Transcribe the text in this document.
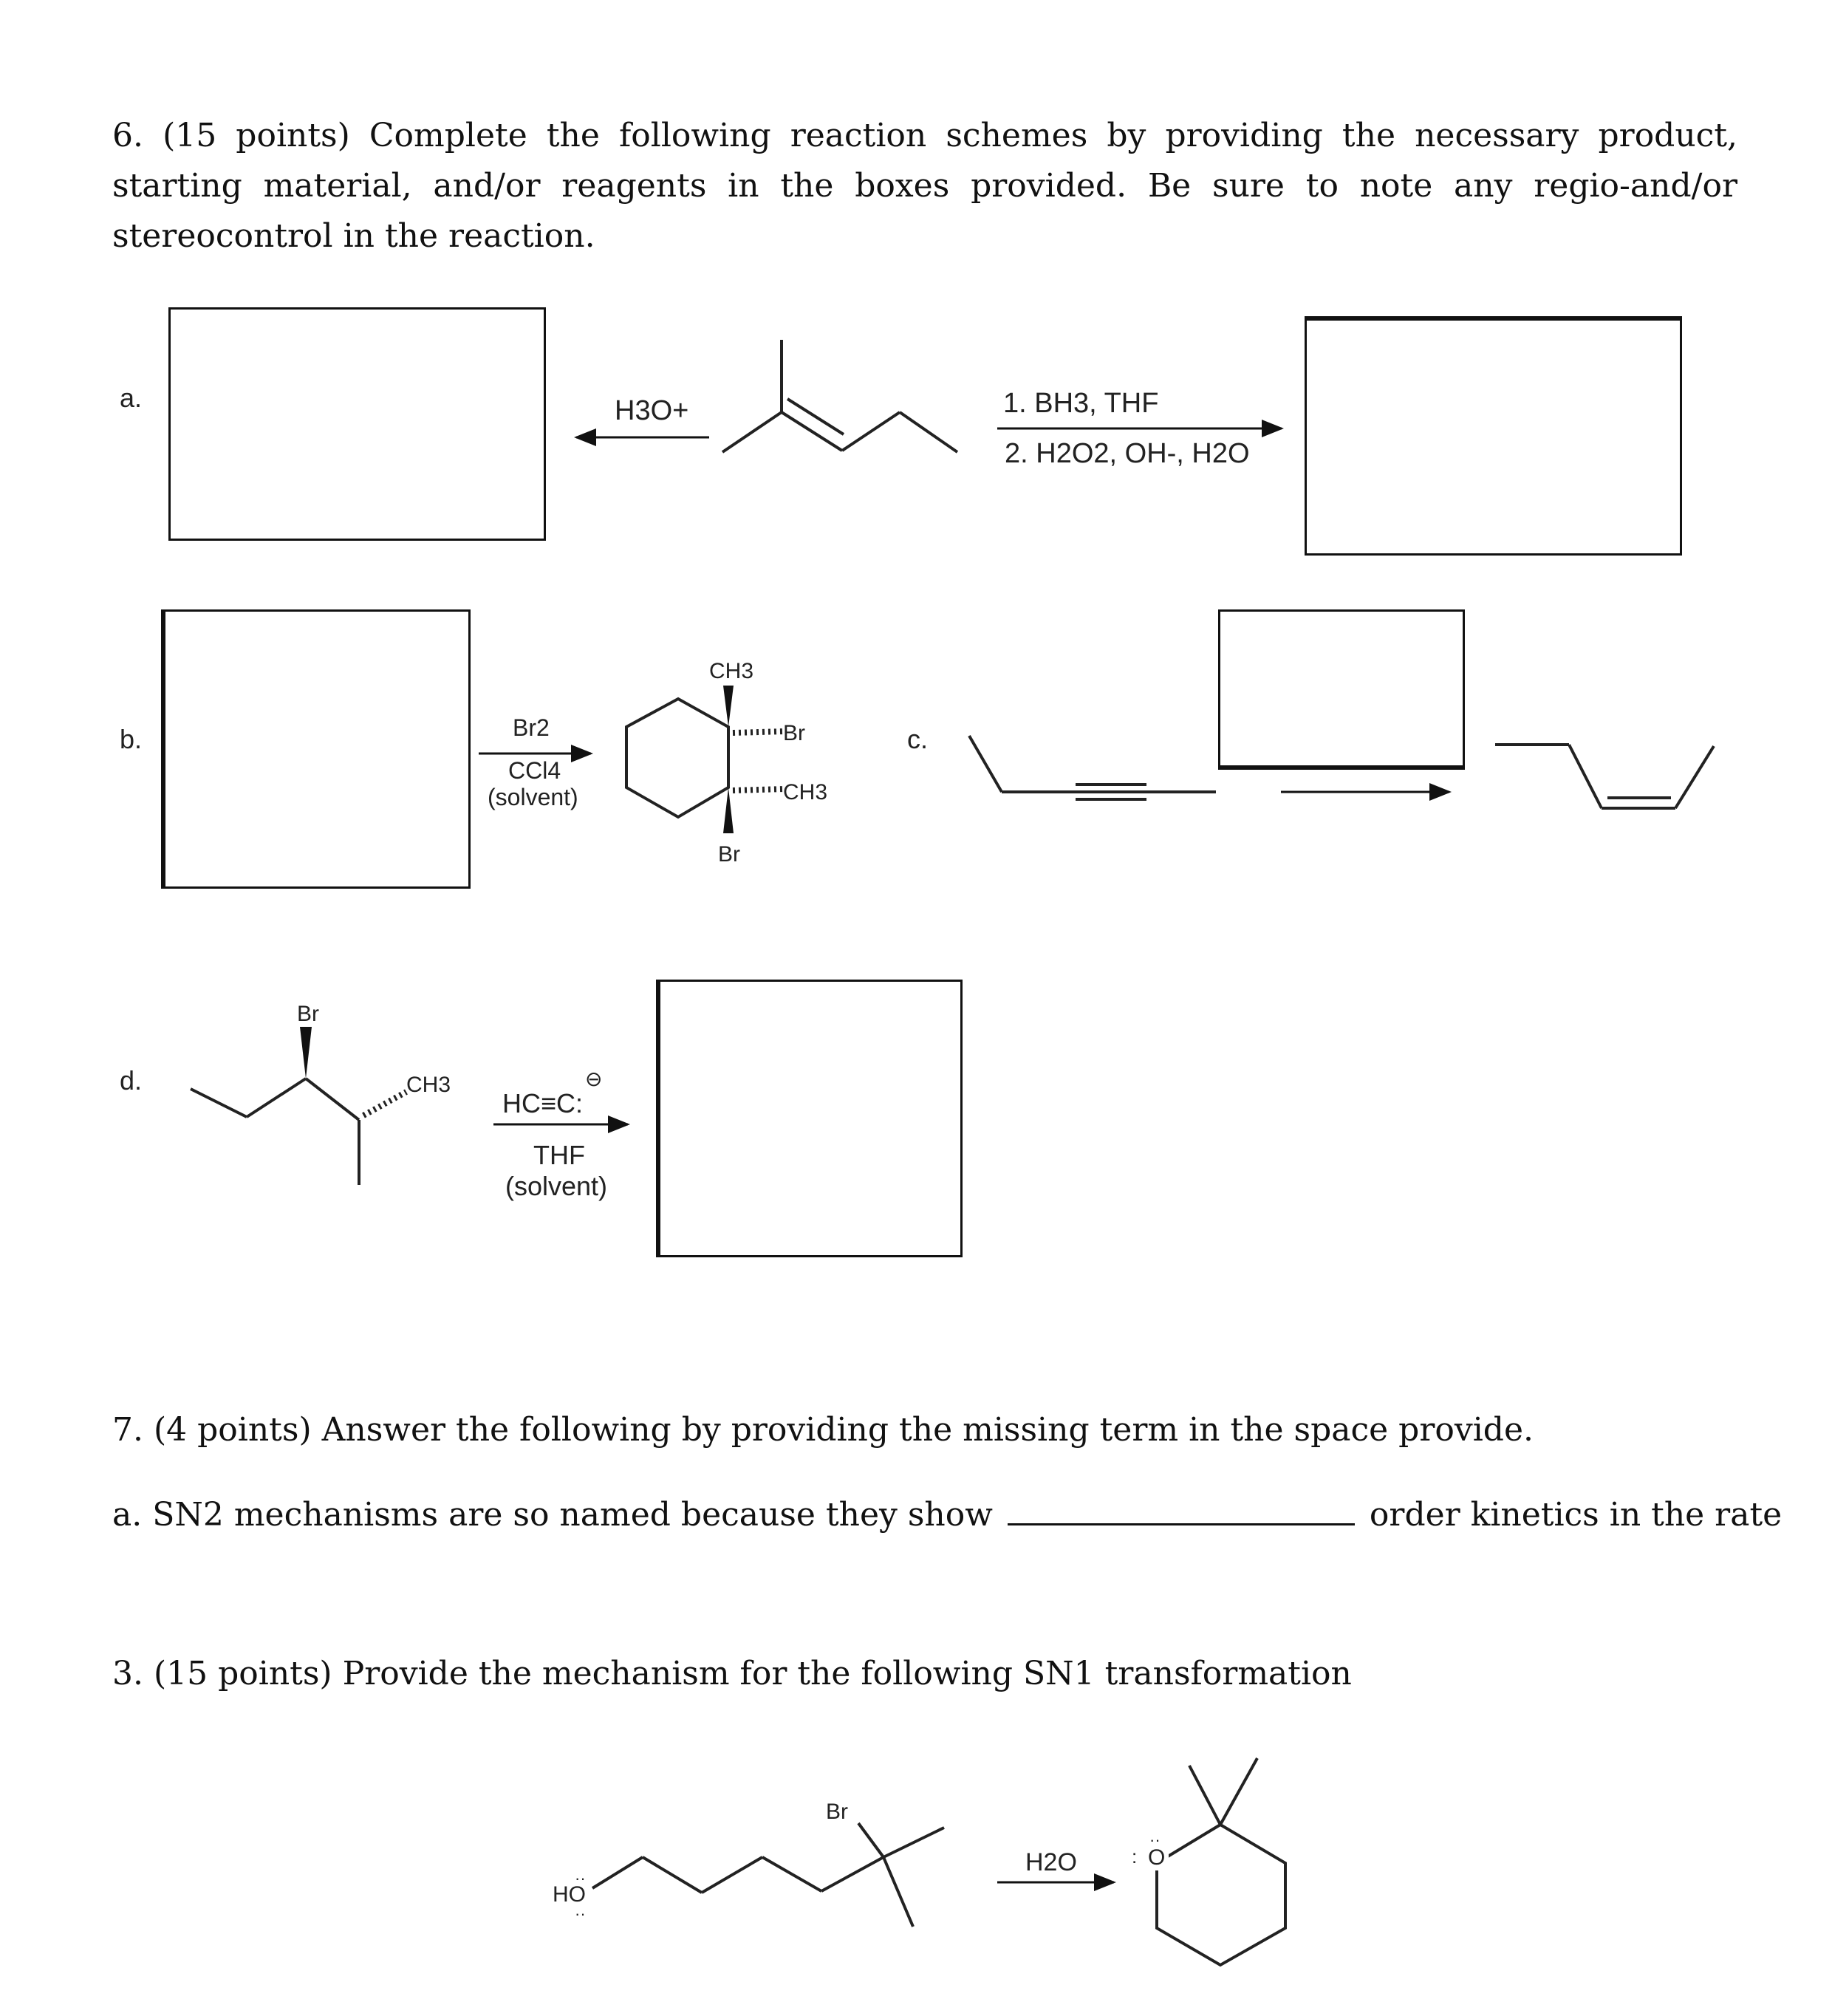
6. (15 points) Complete the following reaction schemes by providing the necessary product, starting material, and/or reagents in the boxes provided. Be sure to note any regio-and/or stereocontrol in the reaction.
7. (4 points) Answer the following by providing the missing term in the space provide.
a. SN2 mechanisms are so named because they show	order kinetics in the rate
3. (15 points) Provide the mechanism for the following SN1 transformation
a.
b.	c.
d.
H3O+	1. BH3, THF
2. H2O2, OH-, H2O
Br2
CCl4
(solvent)
CH3
Br
CH3
Br
Br
CH3
HC≡C:
⊖
THF
(solvent)
Br
HO
··
··
H2O	O
:
··
